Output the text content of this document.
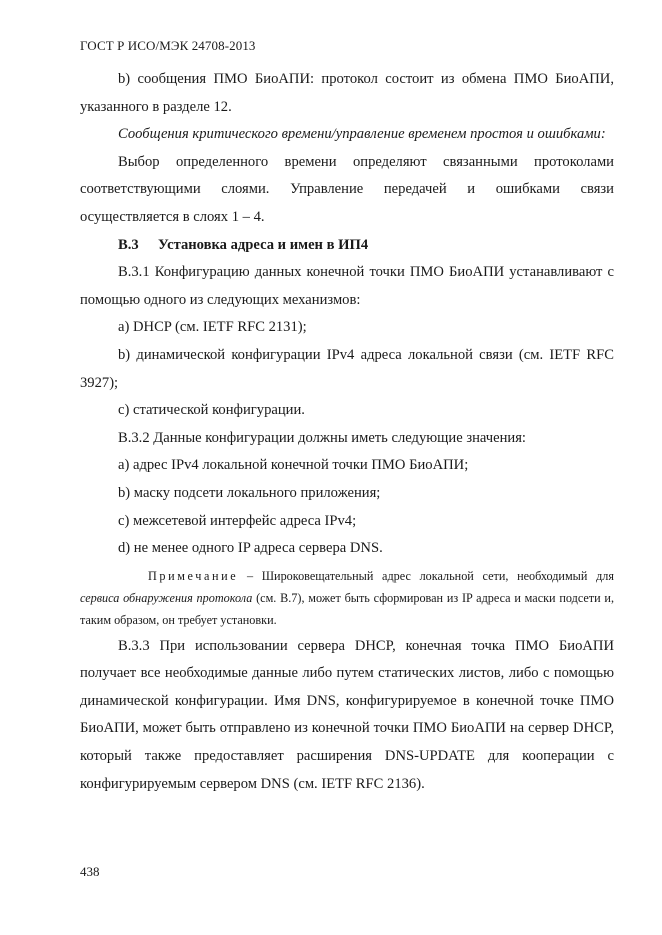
ГОСТ Р ИСО/МЭК 24708-2013

b) сообщения ПМО БиоАПИ: протокол состоит из обмена ПМО БиоАПИ, указанного в разделе 12.

Сообщения критического времени/управление временем простоя и ошибками:

Выбор определенного времени определяют связанными протоколами соответствующими слоями. Управление передачей и ошибками связи осуществляется в слоях 1 – 4.

B.3 Установка адреса и имен в ИП4

B.3.1 Конфигурацию данных конечной точки ПМО БиоАПИ устанавливают с помощью одного из следующих механизмов:

a) DHCP (см. IETF RFC 2131);

b) динамической конфигурации IPv4 адреса локальной связи (см. IETF RFC 3927);

c) статической конфигурации.

B.3.2 Данные конфигурации должны иметь следующие значения:

a) адрес IPv4 локальной конечной точки ПМО БиоАПИ;

b) маску подсети локального приложения;

c) межсетевой интерфейс адреса IPv4;

d) не менее одного IP адреса сервера DNS.

Примечание – Широковещательный адрес локальной сети, необходимый для сервиса обнаружения протокола (см. B.7), может быть сформирован из IP адреса и маски подсети и, таким образом, он требует установки.

B.3.3 При использовании сервера DHCP, конечная точка ПМО БиоАПИ получает все необходимые данные либо путем статических листов, либо с помощью динамической конфигурации. Имя DNS, конфигурируемое в конечной точке ПМО БиоАПИ, может быть отправлено из конечной точки ПМО БиоАПИ на сервер DHCP, который также предоставляет расширения DNS-UPDATE для кооперации с конфигурируемым сервером DNS (см. IETF RFC 2136).

438
